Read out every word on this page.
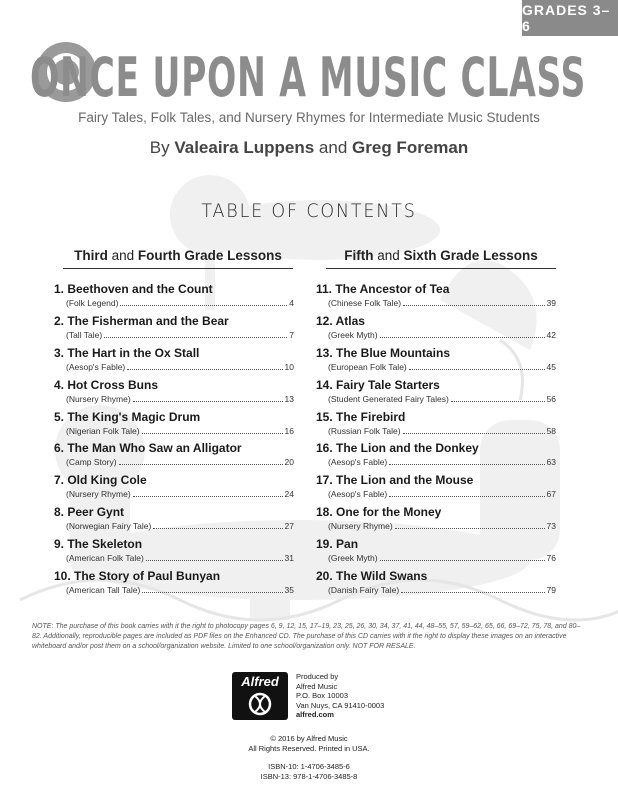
GRADES 3–6
ONCE UPON A MUSIC CLASS
Fairy Tales, Folk Tales, and Nursery Rhymes for Intermediate Music Students
By Valeaira Luppens and Greg Foreman
TABLE OF CONTENTS
Third and Fourth Grade Lessons	Fifth and Sixth Grade Lessons
1. Beethoven and the Count
(Folk Legend)	4
2. The Fisherman and the Bear
(Tall Tale)	7
3. The Hart in the Ox Stall
(Aesop's Fable)	10
4. Hot Cross Buns
(Nursery Rhyme)	13
5. The King's Magic Drum
(Nigerian Folk Tale)	16
6. The Man Who Saw an Alligator
(Camp Story)	20
7. Old King Cole
(Nursery Rhyme)	24
8. Peer Gynt
(Norwegian Fairy Tale)	27
9. The Skeleton
(American Folk Tale)	31
10. The Story of Paul Bunyan
(American Tall Tale)	35
11. The Ancestor of Tea
(Chinese Folk Tale)	39
12. Atlas
(Greek Myth)	42
13. The Blue Mountains
(European Folk Tale)	45
14. Fairy Tale Starters
(Student Generated Fairy Tales)	56
15. The Firebird
(Russian Folk Tale)	58
16. The Lion and the Donkey
(Aesop's Fable)	63
17. The Lion and the Mouse
(Aesop's Fable)	67
18. One for the Money
(Nursery Rhyme)	73
19. Pan
(Greek Myth)	76
20. The Wild Swans
(Danish Fairy Tale)	79
NOTE: The purchase of this book carries with it the right to photocopy pages 6, 9, 12, 15, 17–19, 23, 25, 26, 30, 34, 37, 41, 44, 48–55, 57, 59–62, 65, 66, 69–72, 75, 78, and 80–82. Additionally, reproducible pages are included as PDF files on the Enhanced CD. The purchase of this CD carries with it the right to display these images on an interactive whiteboard and/or post them on a school/organization website. Limited to one school/organization only. NOT FOR RESALE.
Alfred	Produced by
Alfred Music
P.O. Box 10003
Van Nuys, CA 91410-0003
alfred.com
© 2016 by Alfred Music
All Rights Reserved. Printed in USA.
ISBN-10: 1-4706-3485-6
ISBN-13: 978-1-4706-3485-8
